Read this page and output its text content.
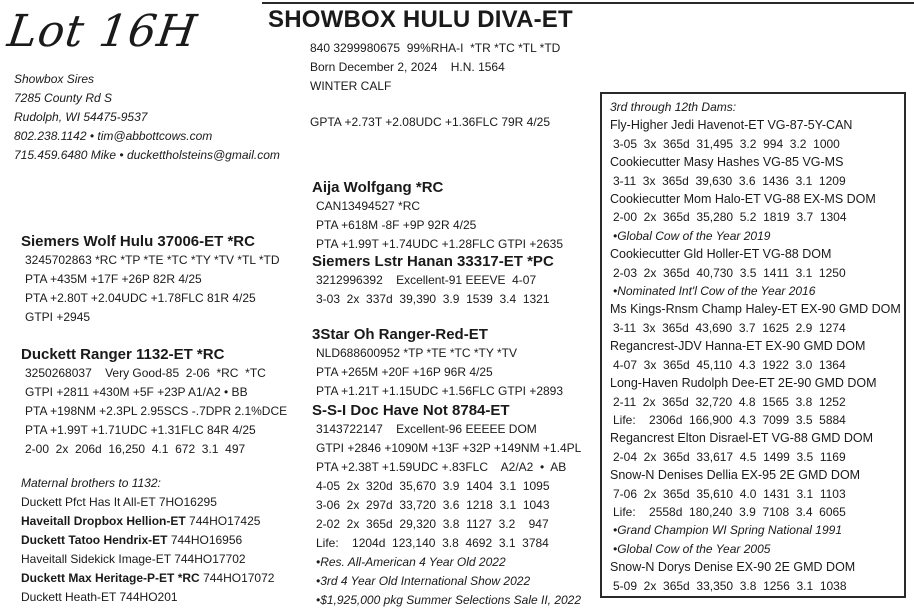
Lot 16H	SHOWBOX HULU DIVA-ET
Showbox Sires
7285 County Rd S
Rudolph, WI 54475-9537
802.238.1142 • tim@abbottcows.com
715.459.6480 Mike • duckettholsteins@gmail.com
840 3299980675  99%RHA-I  *TR *TC *TL *TD
Born December 2, 2024    H.N. 1564
WINTER CALF
GPTA +2.73T +2.08UDC +1.36FLC 79R 4/25
Siemers Wolf Hulu 37006-ET *RC
3245702863 *RC *TP *TE *TC *TY *TV *TL *TD
PTA +435M +17F +26P 82R 4/25
PTA +2.80T +2.04UDC +1.78FLC 81R 4/25
GTPI +2945
Aija Wolfgang *RC
CAN13494527 *RC
PTA +618M -8F +9P 92R 4/25
PTA +1.99T +1.74UDC +1.28FLC GTPI +2635
Siemers Lstr Hanan 33317-ET *PC
3212996392    Excellent-91 EEEVE  4-07
3-03  2x  337d  39,390  3.9  1539  3.4  1321
Duckett Ranger 1132-ET *RC
3250268037    Very Good-85  2-06  *RC  *TC
GTPI +2811 +430M +5F +23P A1/A2 • BB
PTA +198NM +2.3PL 2.95SCS -.7DPR 2.1%DCE
PTA +1.99T +1.71UDC +1.31FLC 84R 4/25
2-00  2x  206d  16,250  4.1  672  3.1  497
3Star Oh Ranger-Red-ET
NLD688600952 *TP *TE *TC *TY *TV
PTA +265M +20F +16P 96R 4/25
PTA +1.21T +1.15UDC +1.56FLC GTPI +2893
S-S-I Doc Have Not 8784-ET
3143722147    Excellent-96 EEEEE DOM
GTPI +2846 +1090M +13F +32P +149NM +1.4PL
PTA +2.38T +1.59UDC +.83FLC    A2/A2  •  AB
4-05  2x  320d  35,670  3.9  1404  3.1  1095
3-06  2x  297d  33,720  3.6  1218  3.1  1043
2-02  2x  365d  29,320  3.8  1127  3.2    947
Life:    1204d  123,140  3.8  4692  3.1  3784
•Res. All-American 4 Year Old 2022
•3rd 4 Year Old International Show 2022
•$1,925,000 pkg Summer Selections Sale II, 2022
Maternal brothers to 1132:
Duckett Pfct Has It All-ET 7HO16295
Haveitall Dropbox Hellion-ET 744HO17425
Duckett Tatoo Hendrix-ET 744HO16956
Haveitall Sidekick Image-ET 744HO17702
Duckett Max Heritage-P-ET *RC 744HO17072
Duckett Heath-ET 744HO201
3rd through 12th Dams:
Fly-Higher Jedi Havenot-ET VG-87-5Y-CAN
3-05  3x  365d  31,495  3.2  994  3.2  1000
Cookiecutter Masy Hashes VG-85 VG-MS
3-11  3x  365d  39,630  3.6  1436  3.1  1209
Cookiecutter Mom Halo-ET VG-88 EX-MS DOM
2-00  2x  365d  35,280  5.2  1819  3.7  1304
•Global Cow of the Year 2019
Cookiecutter Gld Holler-ET VG-88 DOM
2-03  2x  365d  40,730  3.5  1411  3.1  1250
•Nominated Int'l Cow of the Year 2016
Ms Kings-Rnsm Champ Haley-ET EX-90 GMD DOM
3-11  3x  365d  43,690  3.7  1625  2.9  1274
Regancrest-JDV Hanna-ET EX-90 GMD DOM
4-07  3x  365d  45,110  4.3  1922  3.0  1364
Long-Haven Rudolph Dee-ET 2E-90 GMD DOM
2-11  2x  365d  32,720  4.8  1565  3.8  1252
Life:    2306d  166,900  4.3  7099  3.5  5884
Regancrest Elton Disrael-ET VG-88 GMD DOM
2-04  2x  365d  33,617  4.5  1499  3.5  1169
Snow-N Denises Dellia EX-95 2E GMD DOM
7-06  2x  365d  35,610  4.0  1431  3.1  1103
Life:    2558d  180,240  3.9  7108  3.4  6065
•Grand Champion WI Spring National 1991
•Global Cow of the Year 2005
Snow-N Dorys Denise EX-90 2E GMD DOM
5-09  2x  365d  33,350  3.8  1256  3.1  1038
